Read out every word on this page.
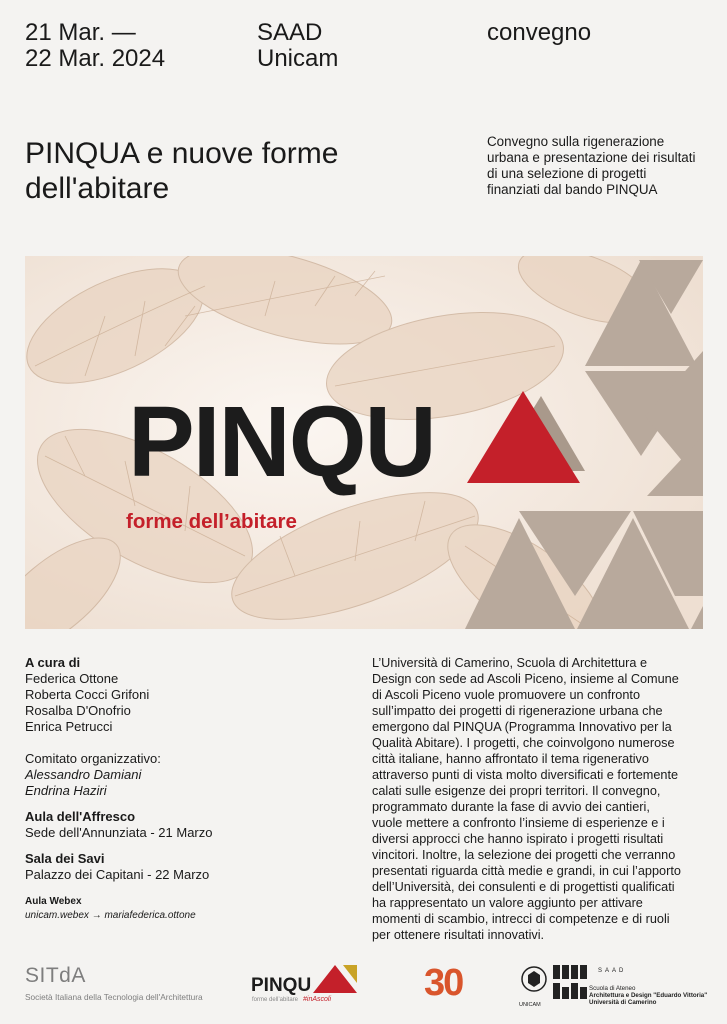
21 Mar. —
22 Mar. 2024
SAAD
Unicam
convegno
PINQUA e nuove forme
dell'abitare
Convegno sulla rigenerazione
urbana e presentazione dei risultati
di una selezione di progetti
finanziati dal bando PINQUA
PINQU
forme dell’abitare
A cura di
Federica Ottone
Roberta Cocci Grifoni
Rosalba D'Onofrio
Enrica Petrucci
Comitato organizzativo:
Alessandro Damiani
Endrina Haziri
Aula dell'Affresco
Sede dell'Annunziata - 21 Marzo
Sala dei Savi
Palazzo dei Capitani - 22 Marzo
Aula Webex
unicam.webex → mariafederica.ottone
L’Università di Camerino, Scuola di Architettura e
Design con sede ad Ascoli Piceno, insieme al Comune
di Ascoli Piceno vuole promuovere un confronto
sull’impatto dei progetti di rigenerazione urbana che
emergono dal PINQUA (Programma Innovativo per la
Qualità Abitare). I progetti, che coinvolgono numerose
città italiane, hanno affrontato il tema rigenerativo
attraverso punti di vista molto diversificati e fortemente
calati sulle esigenze dei propri territori. Il convegno,
programmato durante la fase di avvio dei cantieri,
vuole mettere a confronto l’insieme di esperienze e i
diversi approcci che hanno ispirato i progetti risultati
vincitori. Inoltre, la selezione dei progetti che verranno
presentati riguarda città medie e grandi, in cui l’apporto
dell’Università, dei consulenti e di progettisti qualificati
ha rappresentato un valore aggiunto per attivare
momenti di scambio, intrecci di competenze e di ruoli
per ottenere risultati innovativi.
SITdA
Società Italiana della Tecnologia dell'Architettura
PINQU
forme dell’abitare #inAscoli 30
UNICAM
SAAD
Scuola di Ateneo
Architettura e Design "Eduardo Vittoria"
Università di Camerino
